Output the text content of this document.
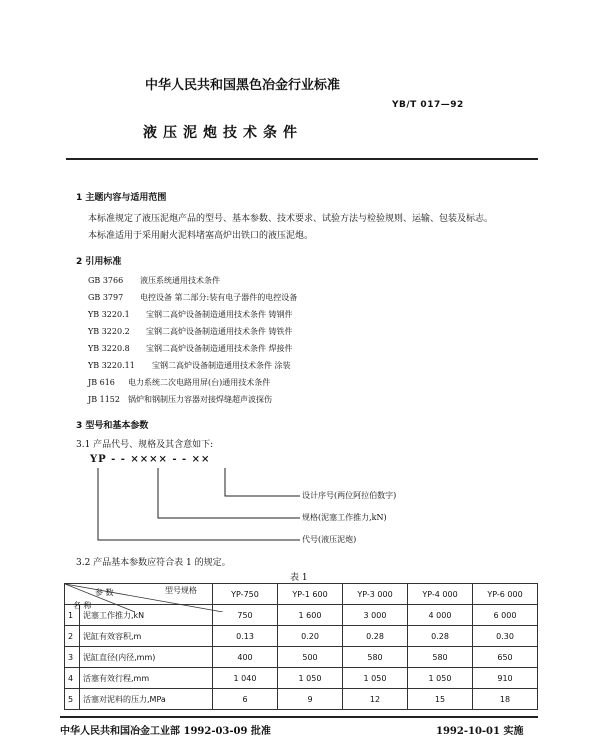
中华人民共和国黑色冶金行业标准
YB/T 017—92
液压泥炮技术条件
1 主题内容与适用范围
本标准规定了液压泥炮产品的型号、基本参数、技术要求、试验方法与检验规则、运输、包装及标志。
本标准适用于采用耐火泥料堵塞高炉出铁口的液压泥炮。
2 引用标准
GB 3766 液压系统通用技术条件
GB 3797 电控设备 第二部分:装有电子器件的电控设备
YB 3220.1 宝钢二高炉设备制造通用技术条件 铸钢件
YB 3220.2 宝钢二高炉设备制造通用技术条件 铸铁件
YB 3220.8 宝钢二高炉设备制造通用技术条件 焊接件
YB 3220.11 宝钢二高炉设备制造通用技术条件 涂装
JB 616 电力系统二次电路用屏(台)通用技术条件
JB 1152 锅炉和钢制压力容器对接焊缝超声波探伤
3 型号和基本参数
3.1 产品代号、规格及其含意如下:
YP - - ×××× - - ××
设计序号(两位阿拉伯数字)
规格(泥塞工作推力,kN)
代号(液压泥炮)
3.2 产品基本参数应符合表 1 的规定。
表 1
型号规格
参 数
名 称		YP-750	YP-1 600	YP-3 000	YP-4 000	YP-6 000
1	泥塞工作推力,kN	750	1 600	3 000	4 000	6 000
2	泥缸有效容积,m	0.13	0.20	0.28	0.28	0.30
3	泥缸直径(内径,mm)	400	500	580	580	650
4	活塞有效行程,mm	1 040	1 050	1 050	1 050	910
5	活塞对泥料的压力,MPa	6	9	12	15	18
中华人民共和国冶金工业部 1992-03-09 批准	1992-10-01 实施
